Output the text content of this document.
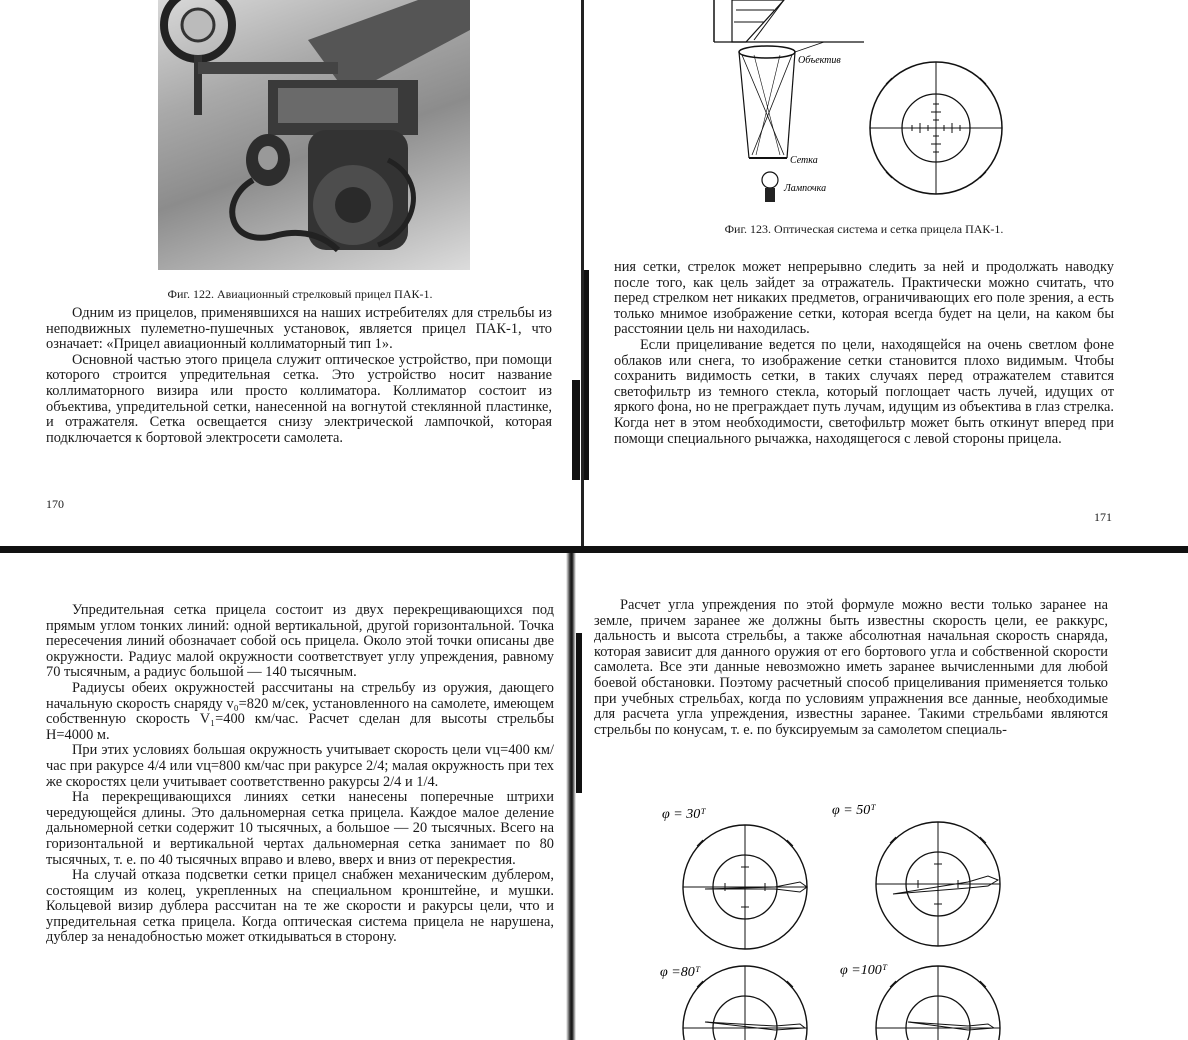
Фиг. 122. Авиационный стрелковый прицел ПАК-1.

Одним из прицелов, применявшихся на наших истребителях для стрельбы из неподвижных пулеметно-пушечных установок, является прицел ПАК-1, что означает: «Прицел авиационный коллиматорный тип 1».

Основной частью этого прицела служит оптическое устройство, при помощи которого строится упредительная сетка. Это устройство носит название коллиматорного визира или просто коллиматора. Коллиматор состоит из объектива, упредительной сетки, нанесенной на вогнутой стеклянной пластинке, и отражателя. Сетка освещается снизу электрической лампочкой, которая подключается к бортовой электросети самолета.

170
Объектив
Сетка
Лампочка
Фиг. 123. Оптическая система и сетка прицела ПАК-1.

ния сетки, стрелок может непрерывно следить за ней и продолжать наводку после того, как цель зайдет за отражатель. Практически можно считать, что перед стрелком нет никаких предметов, ограничивающих его поле зрения, а есть только мнимое изображение сетки, которая всегда будет на цели, на каком бы расстоянии цель ни находилась.

Если прицеливание ведется по цели, находящейся на очень светлом фоне облаков или снега, то изображение сетки становится плохо видимым. Чтобы сохранить видимость сетки, в таких случаях перед отражателем ставится светофильтр из темного стекла, который поглощает часть лучей, идущих от яркого фона, но не преграждает путь лучам, идущим из объектива в глаз стрелка. Когда нет в этом необходимости, светофильтр может быть откинут вперед при помощи специального рычажка, находящегося с левой стороны прицела.

171

Упредительная сетка прицела состоит из двух перекрещивающихся под прямым углом тонких линий: одной вертикальной, другой горизонтальной. Точка пересечения линий обозначает собой ось прицела. Около этой точки описаны две окружности. Радиус малой окружности соответствует углу упреждения, равному 70 тысячным, а радиус большой — 140 тысячным.

Радиусы обеих окружностей рассчитаны на стрельбу из оружия, дающего начальную скорость снаряду v₀=820 м/сек, установленного на самолете, имеющем собственную скорость V₁=400 км/час. Расчет сделан для высоты стрельбы H=4000 м.

При этих условиях большая окружность учитывает скорость цели vц=400 км/час при ракурсе 4/4 или vц=800 км/час при ракурсе 2/4; малая окружность при тех же скоростях цели учитывает соответственно ракурсы 2/4 и 1/4.

На перекрещивающихся линиях сетки нанесены поперечные штрихи чередующейся длины. Это дальномерная сетка прицела. Каждое малое деление дальномерной сетки содержит 10 тысячных, а большое — 20 тысячных. Всего на горизонтальной и вертикальной чертах дальномерная сетка занимает по 80 тысячных, т. е. по 40 тысячных вправо и влево, вверх и вниз от перекрестия.

На случай отказа подсветки сетки прицел снабжен механическим дублером, состоящим из колец, укрепленных на специальном кронштейне, и мушки. Кольцевой визир дублера рассчитан на те же скорости и ракурсы цели, что и упредительная сетка прицела. Когда оптическая система прицела не нарушена, дублер за ненадобностью может откидываться в сторону.

Расчет угла упреждения по этой формуле можно вести только заранее на земле, причем заранее же должны быть известны скорость цели, ее раккурс, дальность и высота стрельбы, а также абсолютная начальная скорость снаряда, которая зависит для данного оружия от его бортового угла и собственной скорости самолета. Все эти данные невозможно иметь заранее вычисленными для любой боевой обстановки. Поэтому расчетный способ прицеливания применяется только при учебных стрельбах, когда по условиям упражнения все данные, необходимые для расчета угла упреждения, известны заранее. Такими стрельбами являются стрельбы по конусам, т. е. по буксируемым за самолетом специаль-

φ = 30ᵀ	φ = 50ᵀ
φ =80ᵀ	φ =100ᵀ
